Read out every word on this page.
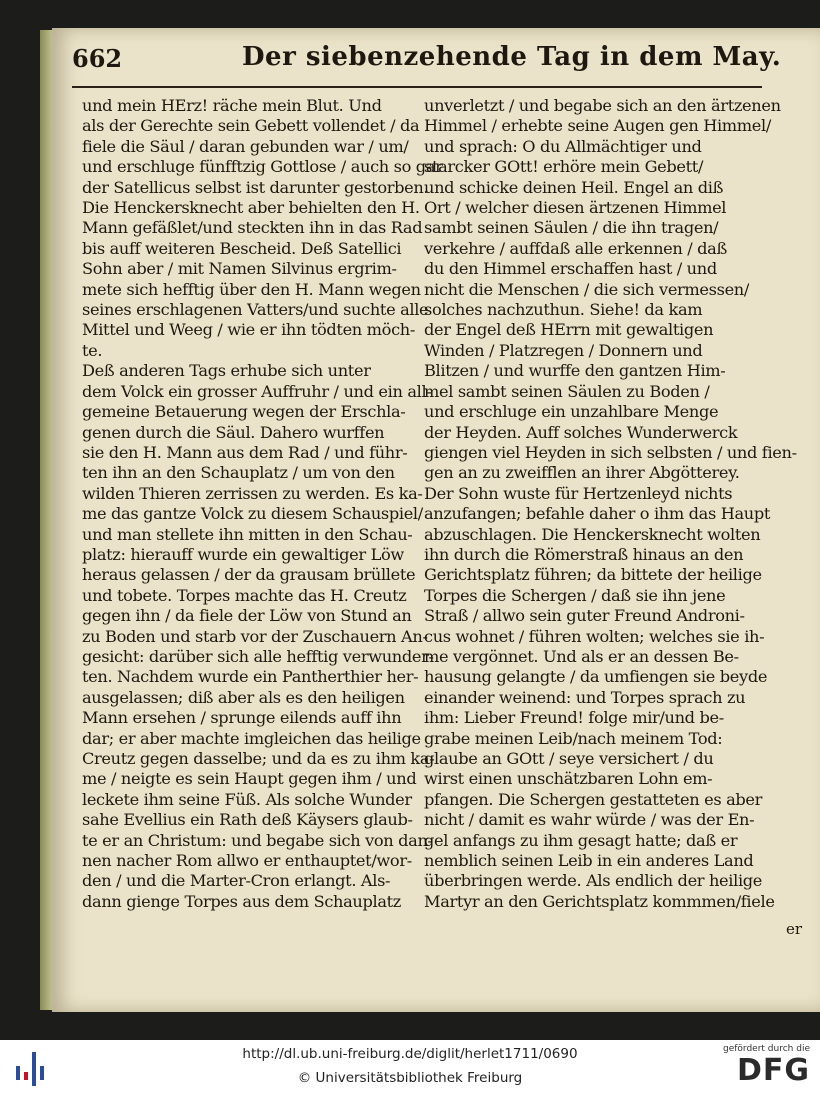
662	Der siebenzehende Tag in dem May.
und mein HErz! räche mein Blut. Und
als der Gerechte sein Gebett vollendet / da
fiele die Säul / daran gebunden war / um/
und erschluge fünfftzig Gottlose / auch so gar
der Satellicus selbst ist darunter gestorben.
Die Henckersknecht aber behielten den H.
Mann gefäßlet/und steckten ihn in das Rad
bis auff weiteren Bescheid. Deß Satellici
Sohn aber / mit Namen Silvinus ergrim-
mete sich hefftig über den H. Mann wegen
seines erschlagenen Vatters/und suchte alle
Mittel und Weeg / wie er ihn tödten möch-
te.
Deß anderen Tags erhube sich unter
dem Volck ein grosser Auffruhr / und ein all-
gemeine Betauerung wegen der Erschla-
genen durch die Säul. Dahero wurffen
sie den H. Mann aus dem Rad / und führ-
ten ihn an den Schauplatz / um von den
wilden Thieren zerrissen zu werden. Es ka-
me das gantze Volck zu diesem Schauspiel/
und man stellete ihn mitten in den Schau-
platz: hierauff wurde ein gewaltiger Löw
heraus gelassen / der da grausam brüllete
und tobete. Torpes machte das H. Creutz
gegen ihn / da fiele der Löw von Stund an
zu Boden und starb vor der Zuschauern An-
gesicht: darüber sich alle hefftig verwunder-
ten. Nachdem wurde ein Pantherthier her-
ausgelassen; diß aber als es den heiligen
Mann ersehen / sprunge eilends auff ihn
dar; er aber machte imgleichen das heilige
Creutz gegen dasselbe; und da es zu ihm ka-
me / neigte es sein Haupt gegen ihm / und
leckete ihm seine Füß. Als solche Wunder
sahe Evellius ein Rath deß Käysers glaub-
te er an Christum: und begabe sich von dan-
nen nacher Rom allwo er enthauptet/wor-
den / und die Marter-Cron erlangt. Als-
dann gienge Torpes aus dem Schauplatz
unverletzt / und begabe sich an den ärtzenen
Himmel / erhebte seine Augen gen Himmel/
und sprach: O du Allmächtiger und
starcker GOtt! erhöre mein Gebett/
und schicke deinen Heil. Engel an diß
Ort / welcher diesen ärtzenen Himmel
sambt seinen Säulen / die ihn tragen/
verkehre / auffdaß alle erkennen / daß
du den Himmel erschaffen hast / und
nicht die Menschen / die sich vermessen/
solches nachzuthun. Siehe! da kam
der Engel deß HErrn mit gewaltigen
Winden / Platzregen / Donnern und
Blitzen / und wurffe den gantzen Him-
mel sambt seinen Säulen zu Boden /
und erschluge ein unzahlbare Menge
der Heyden. Auff solches Wunderwerck
giengen viel Heyden in sich selbsten / und fien-
gen an zu zweifflen an ihrer Abgötterey.
Der Sohn wuste für Hertzenleyd nichts
anzufangen; befahle daher o ihm das Haupt
abzuschlagen. Die Henckersknecht wolten
ihn durch die Römerstraß hinaus an den
Gerichtsplatz führen; da bittete der heilige
Torpes die Schergen / daß sie ihn jene
Straß / allwo sein guter Freund Androni-
cus wohnet / führen wolten; welches sie ih-
me vergönnet. Und als er an dessen Be-
hausung gelangte / da umfiengen sie beyde
einander weinend: und Torpes sprach zu
ihm: Lieber Freund! folge mir/und be-
grabe meinen Leib/nach meinem Tod:
glaube an GOtt / seye versichert / du
wirst einen unschätzbaren Lohn em-
pfangen. Die Schergen gestatteten es aber
nicht / damit es wahr würde / was der En-
gel anfangs zu ihm gesagt hatte; daß er
nemblich seinen Leib in ein anderes Land
überbringen werde. Als endlich der heilige
Martyr an den Gerichtsplatz kommmen/fiele
er
http://dl.ub.uni-freiburg.de/diglit/herlet1711/0690
© Universitätsbibliothek Freiburg
gefördert durch die
DFG
